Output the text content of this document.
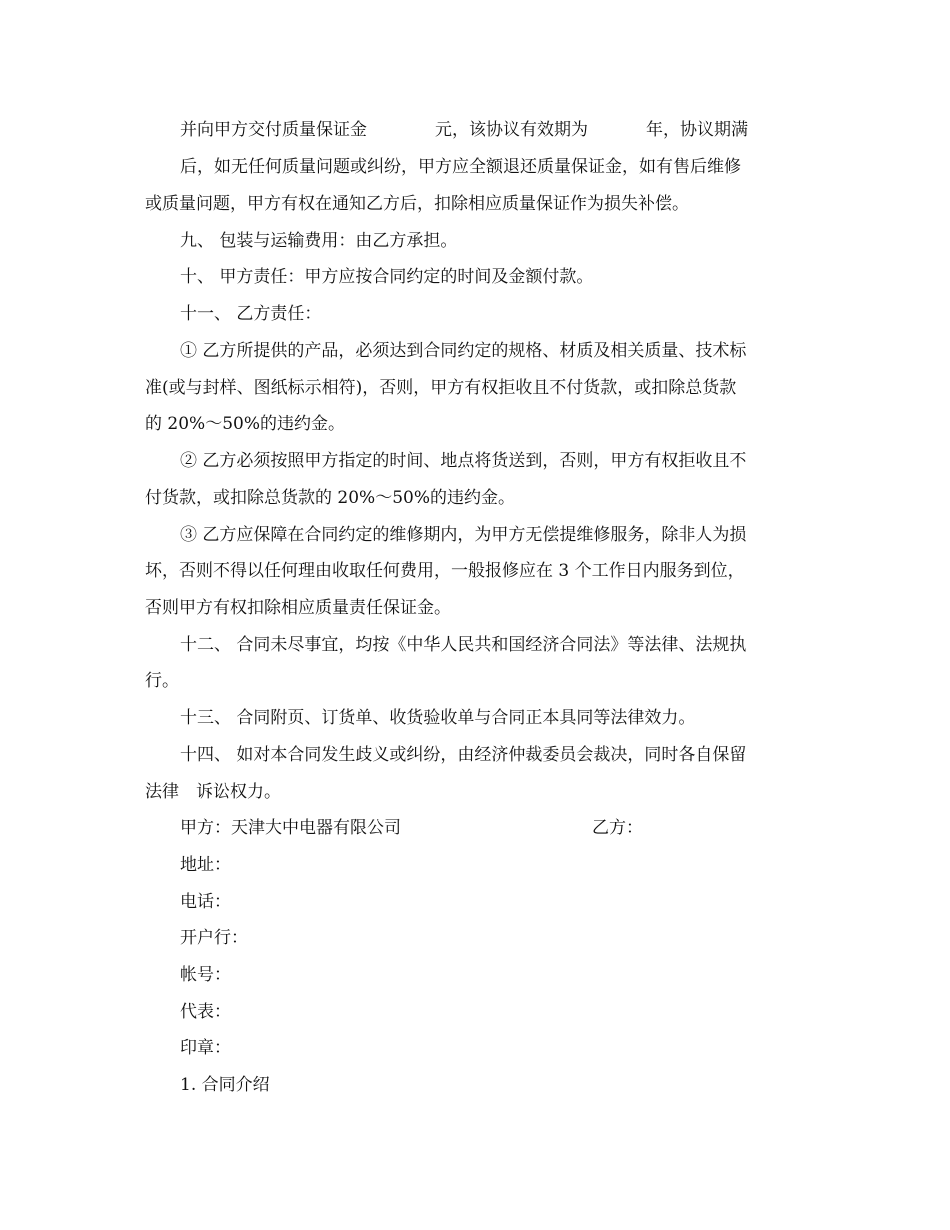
并向甲方交付质量保证金	元，该协议有效期为	年，协议期满
后，如无任何质量问题或纠纷，甲方应全额退还质量保证金，如有售后维修
或质量问题，甲方有权在通知乙方后，扣除相应质量保证作为损失补偿。
九、 包装与运输费用：由乙方承担。
十、 甲方责任：甲方应按合同约定的时间及金额付款。
十一、 乙方责任：
① 乙方所提供的产品，必须达到合同约定的规格、材质及相关质量、技术标
准(或与封样、图纸标示相符)，否则，甲方有权拒收且不付货款，或扣除总货款
的 20%～50%的违约金。
② 乙方必须按照甲方指定的时间、地点将货送到，否则，甲方有权拒收且不
付货款，或扣除总货款的 20%～50%的违约金。
③ 乙方应保障在合同约定的维修期内，为甲方无偿提维修服务，除非人为损
坏，否则不得以任何理由收取任何费用，一般报修应在 3 个工作日内服务到位，
否则甲方有权扣除相应质量责任保证金。
十二、 合同未尽事宜，均按《中华人民共和国经济合同法》等法律、法规执
行。
十三、 合同附页、订货单、收货验收单与合同正本具同等法律效力。
十四、 如对本合同发生歧义或纠纷，由经济仲裁委员会裁决，同时各自保留
法律　诉讼权力。
甲方：天津大中电器有限公司	乙方：
地址：
电话：
开户行：
帐号：
代表：
印章：
1. 合同介绍
